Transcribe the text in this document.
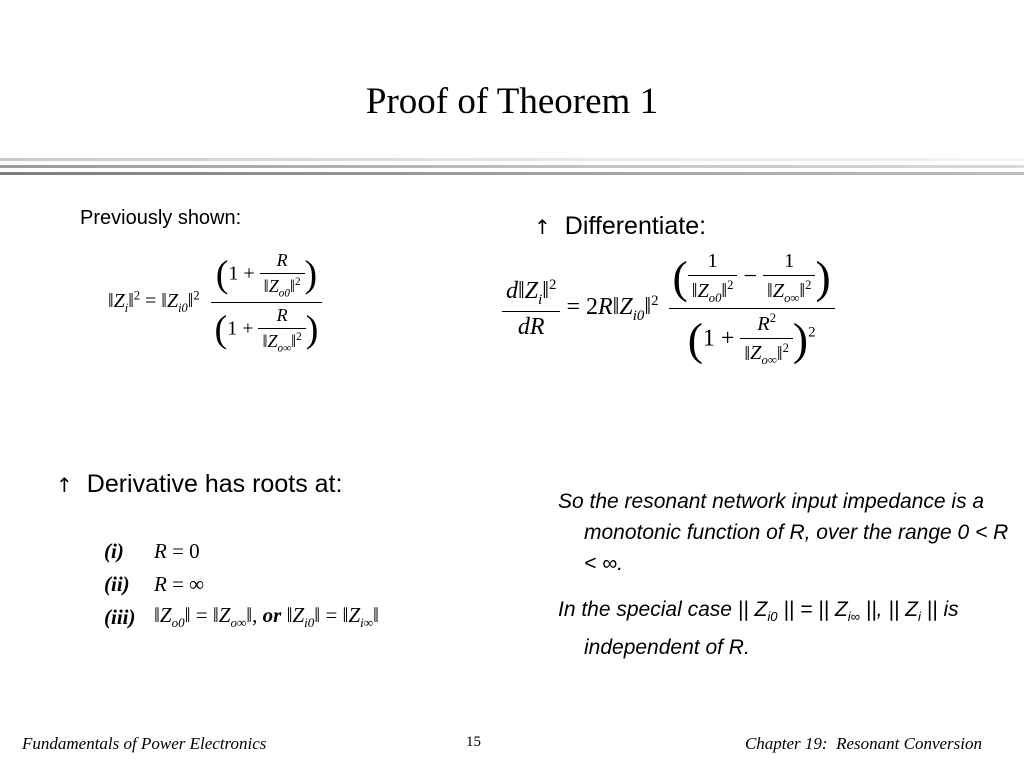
Proof of Theorem 1
Previously shown:
$‖Z_i‖^2$ = $‖Z_{i0}‖^2 \frac{(1 + \frac{R}{‖Z_{o0}‖^2} )}{(1 + \frac{R}{‖Z_{o\infty}‖^2} )}$
↑ Differentiate:
$\frac{d‖Z_i‖^2}{dR}$ = $2R‖Z_{i0}‖^2 \frac{( \frac{1}{‖Z_{o0}‖^2} - \frac{1}{‖Z_{o\infty}‖^2} )}{(1 + \frac{R^2}{‖Z_{o\infty}‖^2} )^2}$
↑ Derivative has roots at:
(i)	R = 0
(ii)	R = ∞
(iii) $‖Z_{o0}‖$ = $‖Z_{o\infty}‖$, or $‖Z_{i0}‖$ = $‖Z_{i\infty}‖$
So the resonant network input impedance is a monotonic function of R, over the range 0 < R < ∞.
In the special case || $Z_{i0}$ || = || $Z_{i\infty}$ ||, || $Z_i$ || is independent of R.
Fundamentals of Power Electronics	15	Chapter 19:  Resonant Conversion
